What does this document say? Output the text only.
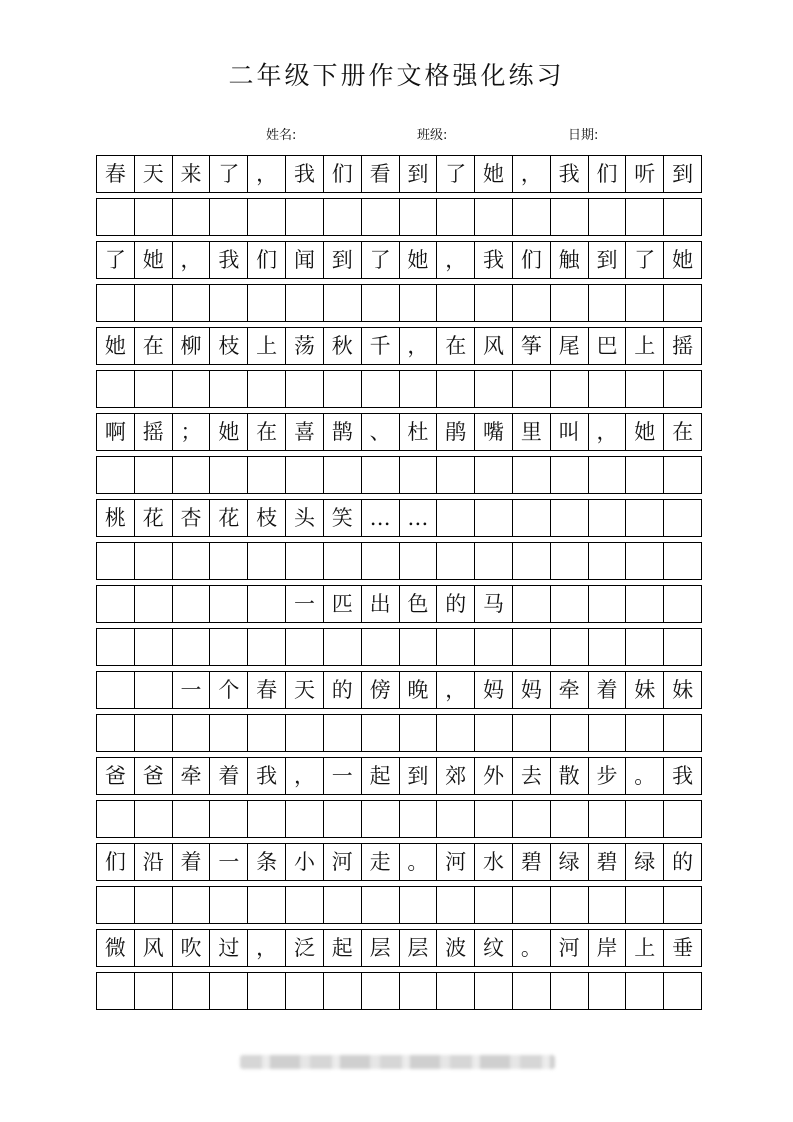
二年级下册作文格强化练习
姓名:	班级:	日期:
春 天 来 了 ， 我 们 看 到 了 她 ， 我 们 听 到
了 她 ， 我 们 闻 到 了 她 ， 我 们 触 到 了 她
她 在 柳 枝 上 荡 秋 千 ， 在 风 筝 尾 巴 上 摇
啊 摇 ； 她 在 喜 鹊 、 杜 鹃 嘴 里 叫 ， 她 在
桃 花 杏 花 枝 头 笑 … …
一 匹 出 色 的 马
一 个 春 天 的 傍 晚 ， 妈 妈 牵 着 妹 妹
爸 爸 牵 着 我 ， 一 起 到 郊 外 去 散 步 。 我
们 沿 着 一 条 小 河 走 。 河 水 碧 绿 碧 绿 的
微 风 吹 过 ， 泛 起 层 层 波 纹 。 河 岸 上 垂
